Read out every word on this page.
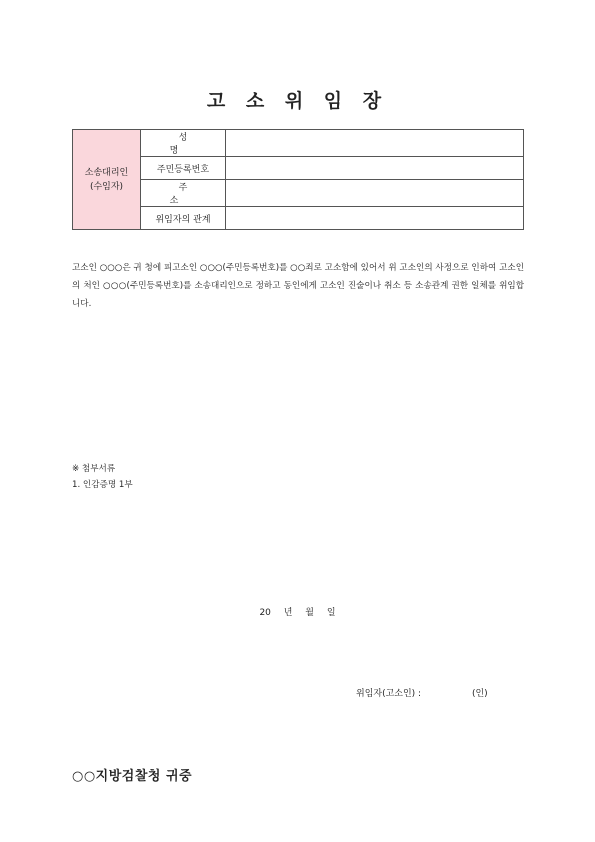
고 소 위 임 장
소송대리인
(수임자)	성 명	
	주민등록번호	
	주 소	
	위임자의 관계	

고소인 ○○○은 귀 청에 피고소인 ○○○(주민등록번호)를 ○○죄로 고소함에 있어서 위 고소인의 사정으로 인하여 고소인의 처인 ○○○(주민등록번호)를 소송대리인으로 정하고 동인에게 고소인 진술이나 취소 등 소송관계 권한 일체를 위임합니다.

※ 첨부서류
1. 인감증명 1부
20 년 월 일
위임자(고소인) :	(인)
○○지방검찰청 귀중
